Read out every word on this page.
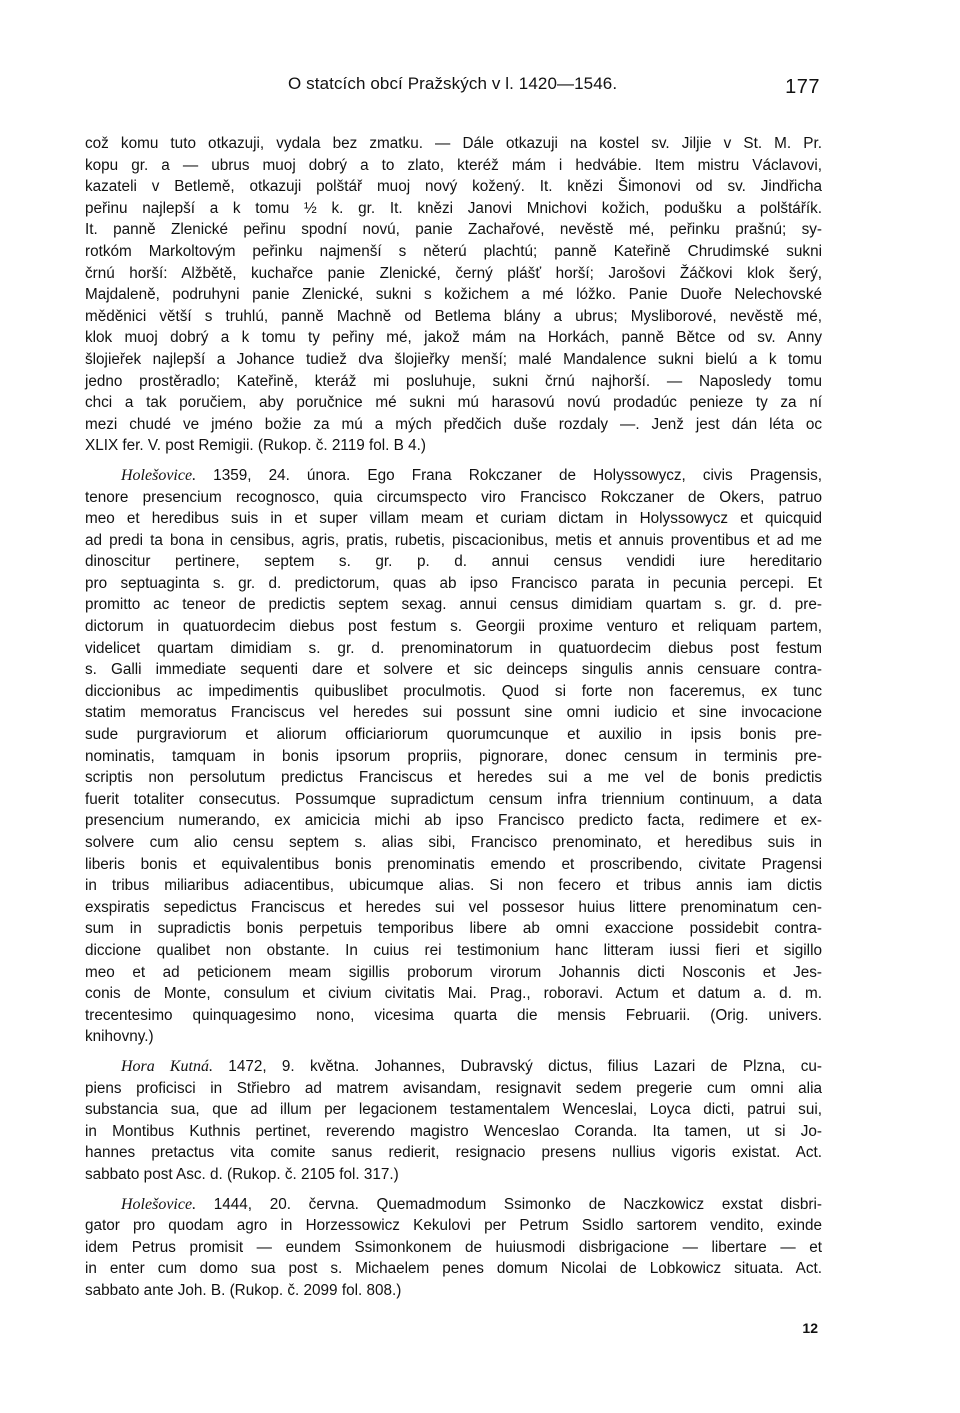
O statcích obcí Pražských v l. 1420—1546.	177
což komu tuto otkazuji, vydala bez zmatku. — Dále otkazuji na kostel sv. Jiljie v St. M. Pr.
kopu gr. a — ubrus muoj dobrý a to zlato, kteréž mám i hedvábie. Item mistru Václavovi,
kazateli v Betlemě, otkazuji polštář muoj nový kožený. It. knězi Šimonovi od sv. Jindřicha
peřinu najlepší a k tomu ½ k. gr. It. knězi Janovi Mnichovi kožich, podušku a polštářík.
It. panně Zlenické peřinu spodní novú, panie Zachařové, nevěstě mé, peřinku prašnú; sy-
rotkóm Markoltovým peřinku najmenší s něterú plachtú; panně Kateřině Chrudimské sukni
črnú horší: Alžbětě, kuchařce panie Zlenické, černý plášť horší; Jarošovi Žáčkovi klok šerý,
Majdaleně, podruhyni panie Zlenické, sukni s kožichem a mé lóžko. Panie Duoře Nelechovské
měděnici větší s truhlú, panně Machně od Betlema blány a ubrus; Mysliborové, nevěstě mé,
klok muoj dobrý a k tomu ty peřiny mé, jakož mám na Horkách, panně Bětce od sv. Anny
šlojieřek najlepší a Johance tudiež dva šlojieřky menší; malé Mandalence sukni bielú a k tomu
jedno prostěradlo; Kateřině, kteráž mi posluhuje, sukni črnú najhorší. — Naposledy tomu
chci a tak poručiem, aby poručnice mé sukni mú harasovú novú prodadúc penieze ty za ní
mezi chudé ve jméno božie za mú a mých předčich duše rozdaly —. Jenž jest dán léta oc
XLIX fer. V. post Remigii. (Rukop. č. 2119 fol. B 4.)
Holešovice. 1359, 24. února. Ego Frana Rokczaner de Holyssowycz, civis Pragensis,
tenore presencium recognosco, quia circumspecto viro Francisco Rokczaner de Okers, patruo
meo et heredibus suis in et super villam meam et curiam dictam in Holyssowycz et quicquid
ad predi ta bona in censibus, agris, pratis, rubetis, piscacionibus, metis et annuis proventibus et ad me dinoscitur pertinere, septem s. gr. p. d. annui census vendidi iure hereditario
pro septuaginta s. gr. d. predictorum, quas ab ipso Francisco parata in pecunia percepi. Et
promitto ac teneor de predictis septem sexag. annui census dimidiam quartam s. gr. d. pre-
dictorum in quatuordecim diebus post festum s. Georgii proxime venturo et reliquam partem,
videlicet quartam dimidiam s. gr. d. prenominatorum in quatuordecim diebus post festum
s. Galli immediate sequenti dare et solvere et sic deinceps singulis annis censuare contra-
diccionibus ac impedimentis quibuslibet proculmotis. Quod si forte non faceremus, ex tunc
statim memoratus Franciscus vel heredes sui possunt sine omni iudicio et sine invocacione
sude purgraviorum et aliorum officiariorum quorumcunque et auxilio in ipsis bonis pre-
nominatis, tamquam in bonis ipsorum propriis, pignorare, donec censum in terminis pre-
scriptis non persolutum predictus Franciscus et heredes sui a me vel de bonis predictis
fuerit totaliter consecutus. Possumque supradictum censum infra triennium continuum, a data
presencium numerando, ex amicicia michi ab ipso Francisco predicto facta, redimere et ex-
solvere cum alio censu septem s. alias sibi, Francisco prenominato, et heredibus suis in
liberis bonis et equivalentibus bonis prenominatis emendo et proscribendo, civitate Pragensi
in tribus miliaribus adiacentibus, ubicumque alias. Si non fecero et tribus annis iam dictis
exspiratis sepedictus Franciscus et heredes sui vel possesor huius littere prenominatum cen-
sum in supradictis bonis perpetuis temporibus libere ab omni exaccione possidebit contra-
diccione qualibet non obstante. In cuius rei testimonium hanc litteram iussi fieri et sigillo
meo et ad peticionem meam sigillis proborum virorum Johannis dicti Nosconis et Jes-
conis de Monte, consulum et civium civitatis Mai. Prag., roboravi. Actum et datum a. d. m.
trecentesimo quinquagesimo nono, vicesima quarta die mensis Februarii. (Orig. univers.
knihovny.)
Hora Kutná. 1472, 9. května. Johannes, Dubravský dictus, filius Lazari de Plzna, cu-
piens proficisci in Střiebro ad matrem avisandam, resignavit sedem pregerie cum omni alia
substancia sua, que ad illum per legacionem testamentalem Wenceslai, Loyca dicti, patrui sui,
in Montibus Kuthnis pertinet, reverendo magistro Wenceslao Coranda. Ita tamen, ut si Jo-
hannes pretactus vita comite sanus redierit, resignacio presens nullius vigoris existat. Act.
sabbato post Asc. d. (Rukop. č. 2105 fol. 317.)
Holešovice. 1444, 20. června. Quemadmodum Ssimonko de Naczkowicz exstat disbri-
gator pro quodam agro in Horzessowicz Kekulovi per Petrum Ssidlo sartorem vendito, exinde
idem Petrus promisit — eundem Ssimonkonem de huiusmodi disbrigacione — libertare — et
in enter cum domo sua post s. Michaelem penes domum Nicolai de Lobkowicz situata. Act.
sabbato ante Joh. B. (Rukop. č. 2099 fol. 808.)
12
